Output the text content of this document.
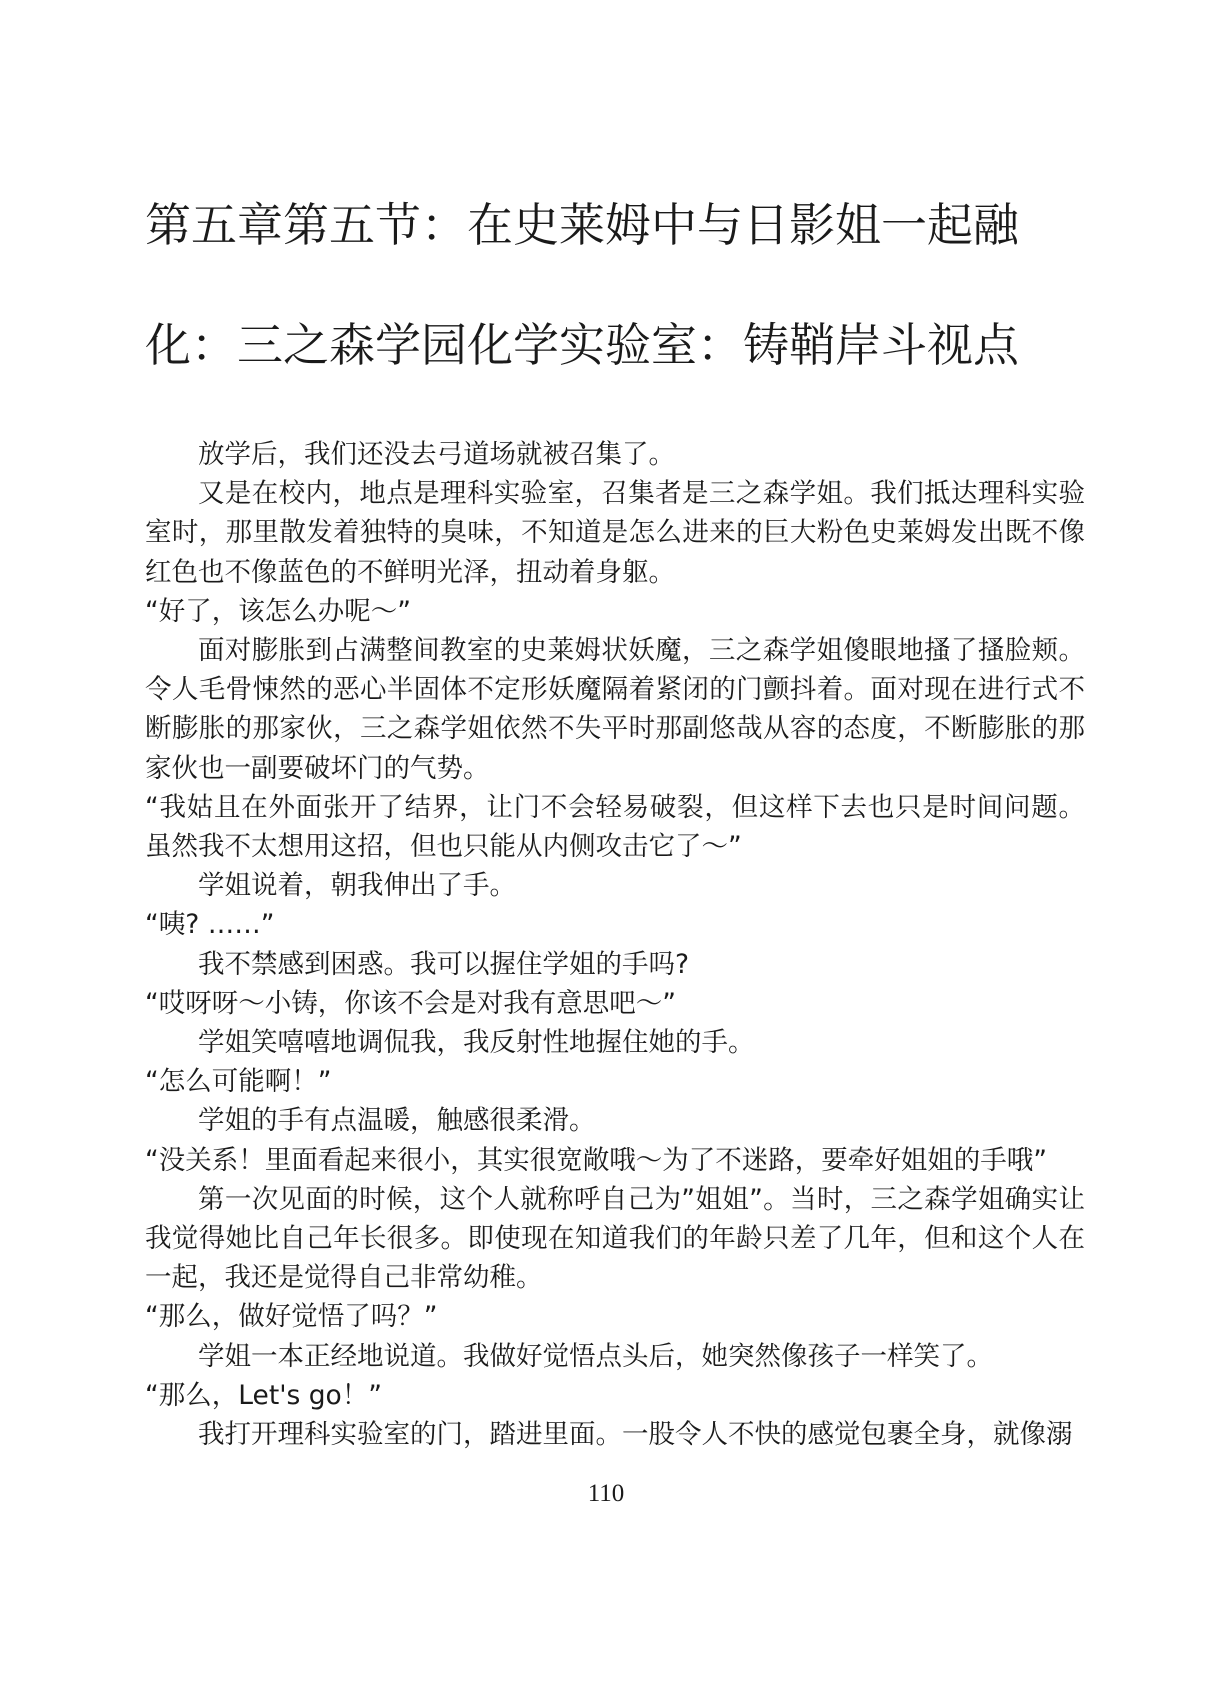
第五章第五节：在史莱姆中与日影姐一起融化：三之森学园化学实验室：铸鞘岸斗视点

放学后，我们还没去弓道场就被召集了。

又是在校内，地点是理科实验室，召集者是三之森学姐。我们抵达理科实验室时，那里散发着独特的臭味，不知道是怎么进来的巨大粉色史莱姆发出既不像红色也不像蓝色的不鲜明光泽，扭动着身躯。

“好了，该怎么办呢～”

面对膨胀到占满整间教室的史莱姆状妖魔，三之森学姐傻眼地搔了搔脸颊。令人毛骨悚然的恶心半固体不定形妖魔隔着紧闭的门颤抖着。面对现在进行式不断膨胀的那家伙，三之森学姐依然不失平时那副悠哉从容的态度，不断膨胀的那家伙也一副要破坏门的气势。

“我姑且在外面张开了结界，让门不会轻易破裂，但这样下去也只是时间问题。虽然我不太想用这招，但也只能从内侧攻击它了～”

学姐说着，朝我伸出了手。

“咦? ……”

我不禁感到困惑。我可以握住学姐的手吗?

“哎呀呀～小铸，你该不会是对我有意思吧～”

学姐笑嘻嘻地调侃我，我反射性地握住她的手。

“怎么可能啊！”

学姐的手有点温暖，触感很柔滑。

“没关系！里面看起来很小，其实很宽敞哦～为了不迷路，要牵好姐姐的手哦”

第一次见面的时候，这个人就称呼自己为”姐姐”。当时，三之森学姐确实让我觉得她比自己年长很多。即使现在知道我们的年龄只差了几年，但和这个人在一起，我还是觉得自己非常幼稚。

“那么，做好觉悟了吗？”

学姐一本正经地说道。我做好觉悟点头后，她突然像孩子一样笑了。

“那么，Let's go！”

我打开理科实验室的门，踏进里面。一股令人不快的感觉包裹全身，就像溺

110
